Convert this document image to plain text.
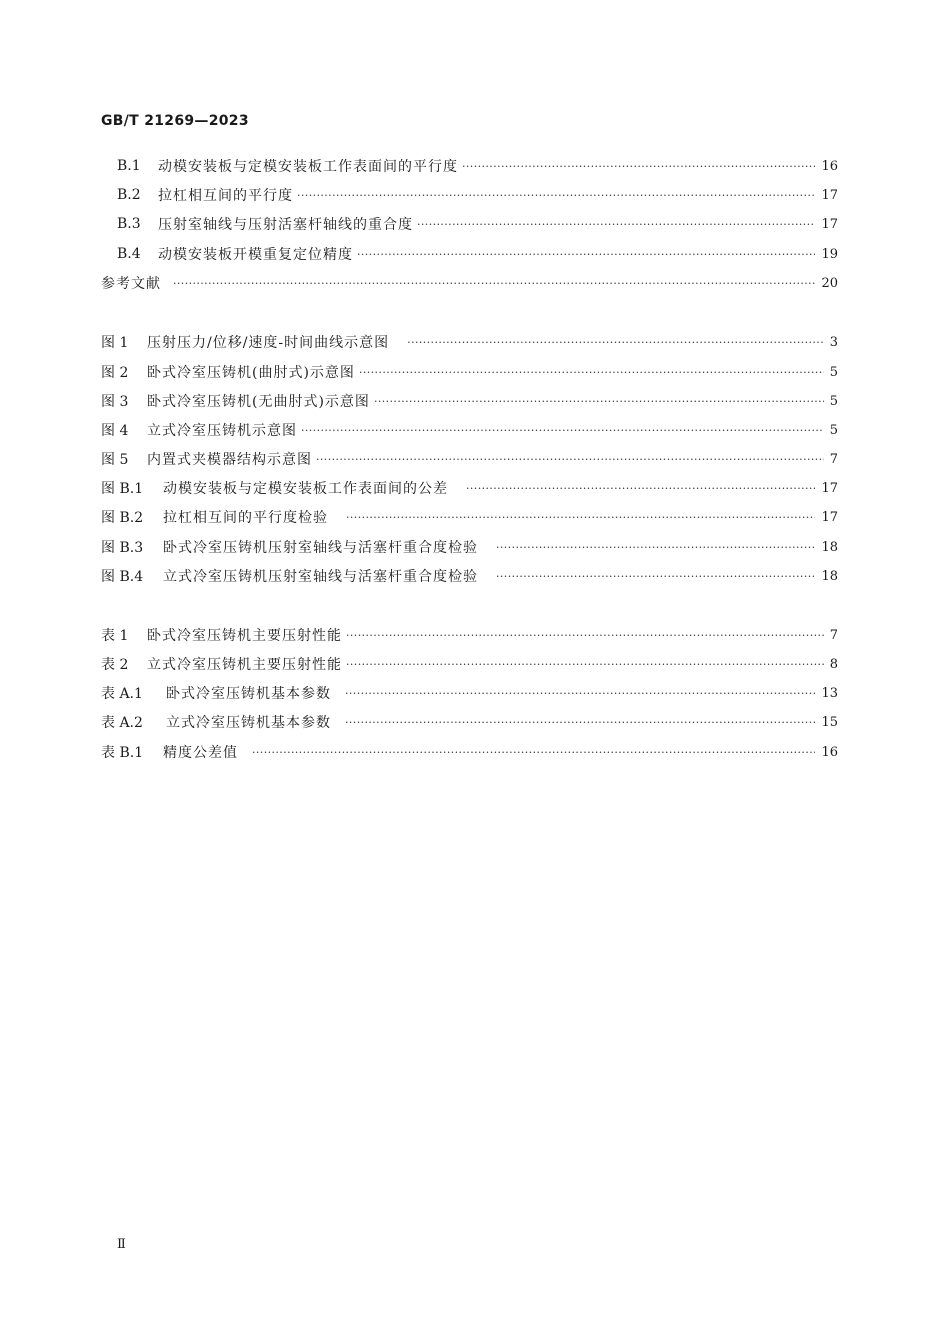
GB/T 21269—2023
B.1	动模安装板与定模安装板工作表面间的平行度 ·····	16
B.2	拉杠相互间的平行度 ·····	17
B.3	压射室轴线与压射活塞杆轴线的重合度 ·····	17
B.4	动模安装板开模重复定位精度 ·····	19
参考文献 ·····	20
图 1	压射压力/位移/速度-时间曲线示意图 ·····	3
图 2	卧式冷室压铸机(曲肘式)示意图 ·····	5
图 3	卧式冷室压铸机(无曲肘式)示意图 ·····	5
图 4	立式冷室压铸机示意图 ·····	5
图 5	内置式夹模器结构示意图 ·····	7
图 B.1	动模安装板与定模安装板工作表面间的公差 ·····	17
图 B.2	拉杠相互间的平行度检验 ·····	17
图 B.3	卧式冷室压铸机压射室轴线与活塞杆重合度检验 ·····	18
图 B.4	立式冷室压铸机压射室轴线与活塞杆重合度检验 ·····	18
表 1	卧式冷室压铸机主要压射性能 ·····	7
表 2	立式冷室压铸机主要压射性能 ·····	8
表 A.1	卧式冷室压铸机基本参数 ·····	13
表 A.2	立式冷室压铸机基本参数 ·····	15
表 B.1	精度公差值 ·····	16
Ⅱ
